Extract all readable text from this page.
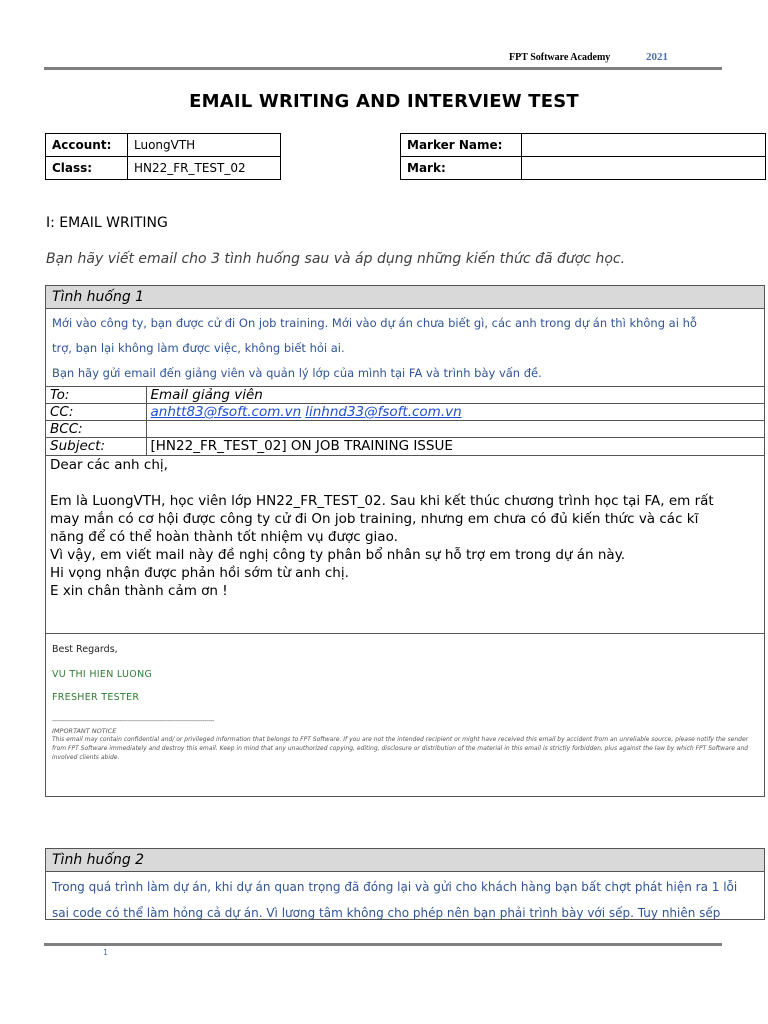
FPT Software Academy	2021
EMAIL WRITING AND INTERVIEW TEST
Account:	LuongVTH
Class:	HN22_FR_TEST_02
Marker Name:	
Mark:	
I: EMAIL WRITING
Bạn hãy viết email cho 3 tình huống sau và áp dụng những kiến thức đã được học.
Tình huống 1
Mới vào công ty, bạn được cử đi On job training. Mới vào dự án chưa biết gì, các anh trong dự án thì không ai hỗ
trợ, bạn lại không làm được việc, không biết hỏi ai.
Bạn hãy gửi email đến giảng viên và quản lý lớp của mình tại FA và trình bày vấn đề.
To:	Email giảng viên
CC:	anhtt83@fsoft.com.vn linhnd33@fsoft.com.vn
BCC:	
Subject:	[HN22_FR_TEST_02] ON JOB TRAINING ISSUE

Dear các anh chị,

Em là LuongVTH, học viên lớp HN22_FR_TEST_02. Sau khi kết thúc chương trình học tại FA, em rất

may mắn có cơ hội được công ty cử đi On job training, nhưng em chưa có đủ kiến thức và các kĩ

năng để có thể hoàn thành tốt nhiệm vụ được giao.

Vì vậy, em viết mail này đề nghị công ty phân bổ nhân sự hỗ trợ em trong dự án này.

Hi vọng nhận được phản hồi sớm từ anh chị.

E xin chân thành cảm ơn !

Best Regards,
VU THI HIEN LUONG
FRESHER TESTER
--------------------------------------------------------------------------------
IMPORTANT NOTICE
This email may contain confidential and/ or privileged information that belongs to FPT Software. If you are not the intended recipient or might have received this email by accident from an unreliable source, please notify the sender from FPT Software immediately and destroy this email. Keep in mind that any unauthorized copying, editing, disclosure or distribution of the material in this email is strictly forbidden, plus against the law by which FPT Software and involved clients abide.
Tình huống 2
Trong quá trình làm dự án, khi dự án quan trọng đã đóng lại và gửi cho khách hàng bạn bất chợt phát hiện ra 1 lỗi
sai code có thể làm hỏng cả dự án. Vì lương tâm không cho phép nên bạn phải trình bày với sếp. Tuy nhiên sếp
1
